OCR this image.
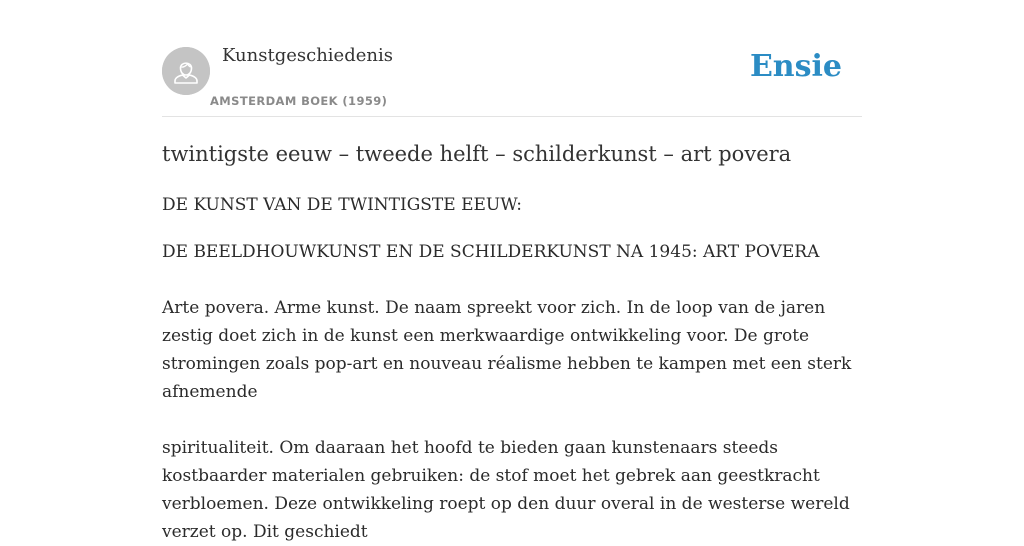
Kunstgeschiedenis
AMSTERDAM BOEK (1959)
Ensie
twintigste eeuw – tweede helft – schilderkunst – art povera

DE KUNST VAN DE TWINTIGSTE EEUW:

DE BEELDHOUWKUNST EN DE SCHILDERKUNST NA 1945: ART POVERA

Arte povera. Arme kunst. De naam spreekt voor zich. In de loop van de jaren zestig doet zich in de kunst een merkwaardige ontwikkeling voor. De grote stromingen zoals pop-art en nouveau réalisme hebben te kampen met een sterk afnemende

spiritualiteit. Om daaraan het hoofd te bieden gaan kunstenaars steeds kostbaarder materialen gebruiken: de stof moet het gebrek aan geestkracht verbloemen. Deze ontwikkeling roept op den duur overal in de westerse wereld verzet op. Dit geschiedt
